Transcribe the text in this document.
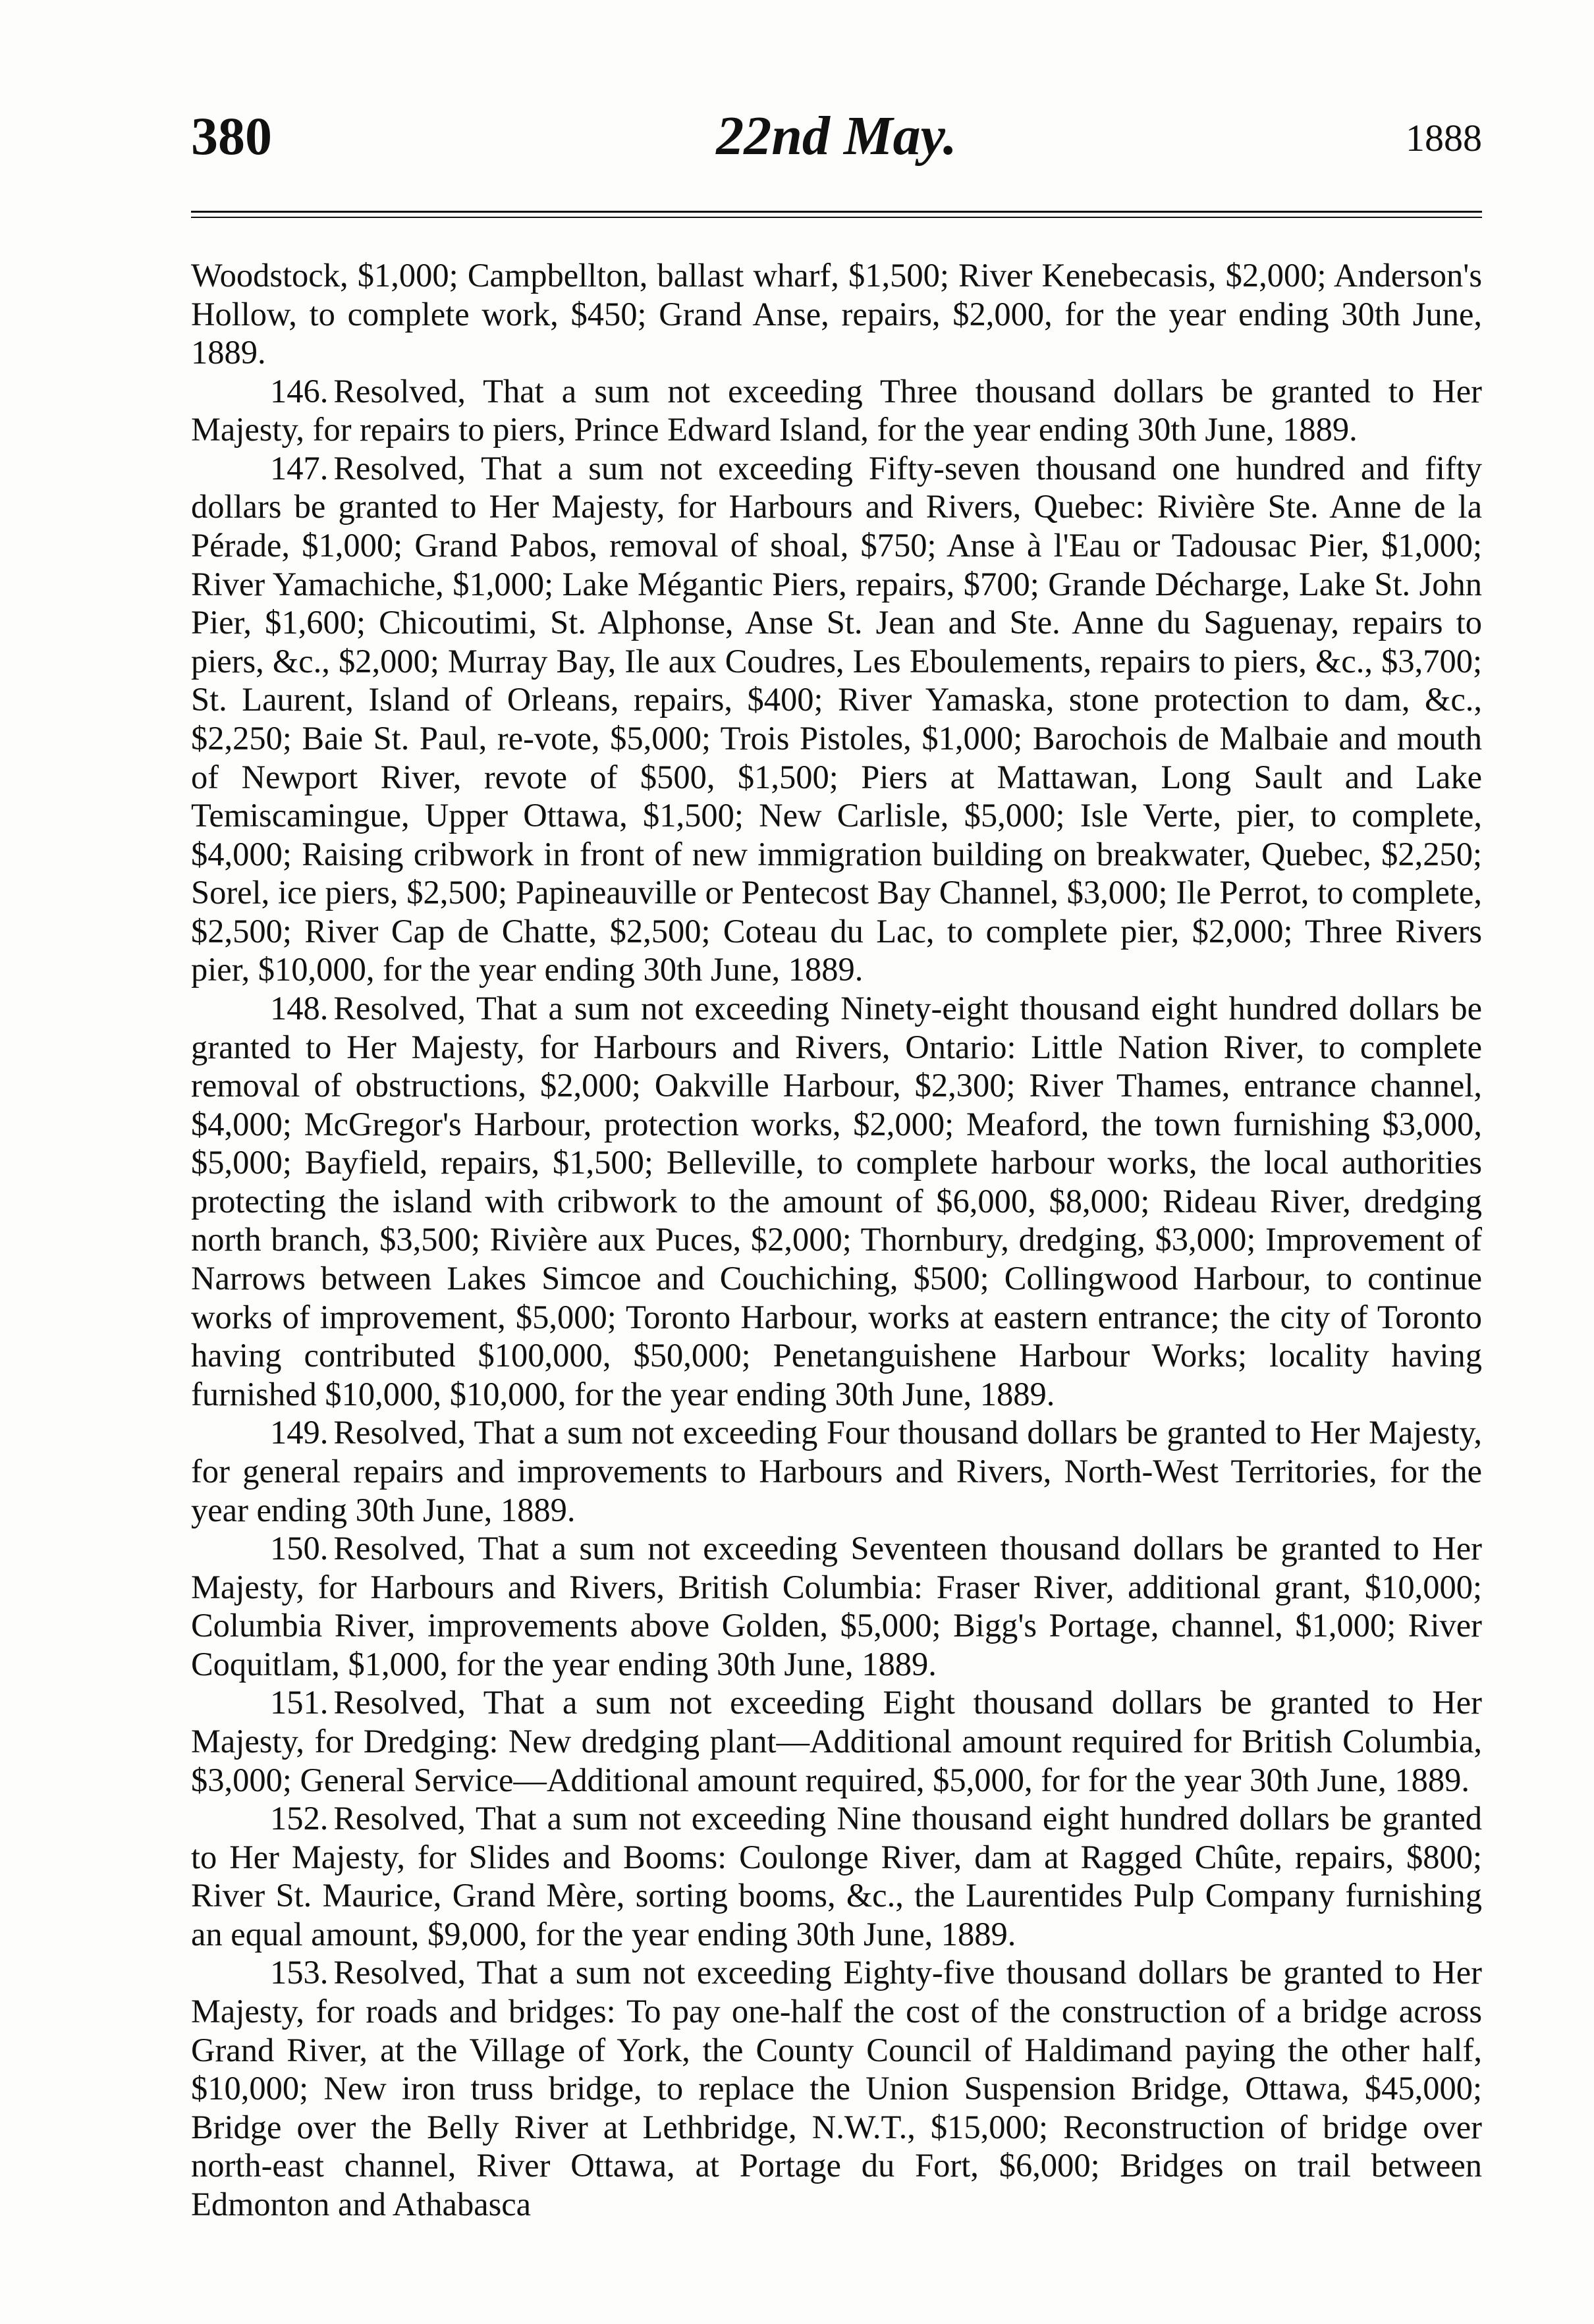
380	22nd May.	1888

Woodstock, $1,000; Campbellton, ballast wharf, $1,500; River Kenebecasis, $2,000; Anderson's Hollow, to complete work, $450; Grand Anse, repairs, $2,000, for the year ending 30th June, 1889.

146. Resolved, That a sum not exceeding Three thousand dollars be granted to Her Majesty, for repairs to piers, Prince Edward Island, for the year ending 30th June, 1889.

147. Resolved, That a sum not exceeding Fifty-seven thousand one hundred and fifty dollars be granted to Her Majesty, for Harbours and Rivers, Quebec: Rivière Ste. Anne de la Pérade, $1,000; Grand Pabos, removal of shoal, $750; Anse à l'Eau or Tadousac Pier, $1,000; River Yamachiche, $1,000; Lake Mégantic Piers, repairs, $700; Grande Décharge, Lake St. John Pier, $1,600; Chicoutimi, St. Alphonse, Anse St. Jean and Ste. Anne du Saguenay, repairs to piers, &c., $2,000; Murray Bay, Ile aux Coudres, Les Eboulements, repairs to piers, &c., $3,700; St. Laurent, Island of Orleans, repairs, $400; River Yamaska, stone protection to dam, &c., $2,250; Baie St. Paul, re-vote, $5,000; Trois Pistoles, $1,000; Barochois de Malbaie and mouth of Newport River, revote of $500, $1,500; Piers at Mattawan, Long Sault and Lake Temiscamingue, Upper Ottawa, $1,500; New Carlisle, $5,000; Isle Verte, pier, to complete, $4,000; Raising cribwork in front of new immigration building on breakwater, Quebec, $2,250; Sorel, ice piers, $2,500; Papineauville or Pentecost Bay Channel, $3,000; Ile Perrot, to complete, $2,500; River Cap de Chatte, $2,500; Coteau du Lac, to complete pier, $2,000; Three Rivers pier, $10,000, for the year ending 30th June, 1889.

148. Resolved, That a sum not exceeding Ninety-eight thousand eight hundred dollars be granted to Her Majesty, for Harbours and Rivers, Ontario: Little Nation River, to complete removal of obstructions, $2,000; Oakville Harbour, $2,300; River Thames, entrance channel, $4,000; McGregor's Harbour, protection works, $2,000; Meaford, the town furnishing $3,000, $5,000; Bayfield, repairs, $1,500; Belleville, to complete harbour works, the local authorities protecting the island with cribwork to the amount of $6,000, $8,000; Rideau River, dredging north branch, $3,500; Rivière aux Puces, $2,000; Thornbury, dredging, $3,000; Improvement of Narrows between Lakes Simcoe and Couchiching, $500; Collingwood Harbour, to continue works of improvement, $5,000; Toronto Harbour, works at eastern entrance; the city of Toronto having contributed $100,000, $50,000; Penetanguishene Harbour Works; locality having furnished $10,000, $10,000, for the year ending 30th June, 1889.

149. Resolved, That a sum not exceeding Four thousand dollars be granted to Her Majesty, for general repairs and improvements to Harbours and Rivers, North-West Territories, for the year ending 30th June, 1889.

150. Resolved, That a sum not exceeding Seventeen thousand dollars be granted to Her Majesty, for Harbours and Rivers, British Columbia: Fraser River, additional grant, $10,000; Columbia River, improvements above Golden, $5,000; Bigg's Portage, channel, $1,000; River Coquitlam, $1,000, for the year ending 30th June, 1889.

151. Resolved, That a sum not exceeding Eight thousand dollars be granted to Her Majesty, for Dredging: New dredging plant—Additional amount required for British Columbia, $3,000; General Service—Additional amount required, $5,000, for for the year 30th June, 1889.

152. Resolved, That a sum not exceeding Nine thousand eight hundred dollars be granted to Her Majesty, for Slides and Booms: Coulonge River, dam at Ragged Chûte, repairs, $800; River St. Maurice, Grand Mère, sorting booms, &c., the Laurentides Pulp Company furnishing an equal amount, $9,000, for the year ending 30th June, 1889.

153. Resolved, That a sum not exceeding Eighty-five thousand dollars be granted to Her Majesty, for roads and bridges: To pay one-half the cost of the construction of a bridge across Grand River, at the Village of York, the County Council of Haldimand paying the other half, $10,000; New iron truss bridge, to replace the Union Suspension Bridge, Ottawa, $45,000; Bridge over the Belly River at Lethbridge, N.W.T., $15,000; Reconstruction of bridge over north-east channel, River Ottawa, at Portage du Fort, $6,000; Bridges on trail between Edmonton and Athabasca
